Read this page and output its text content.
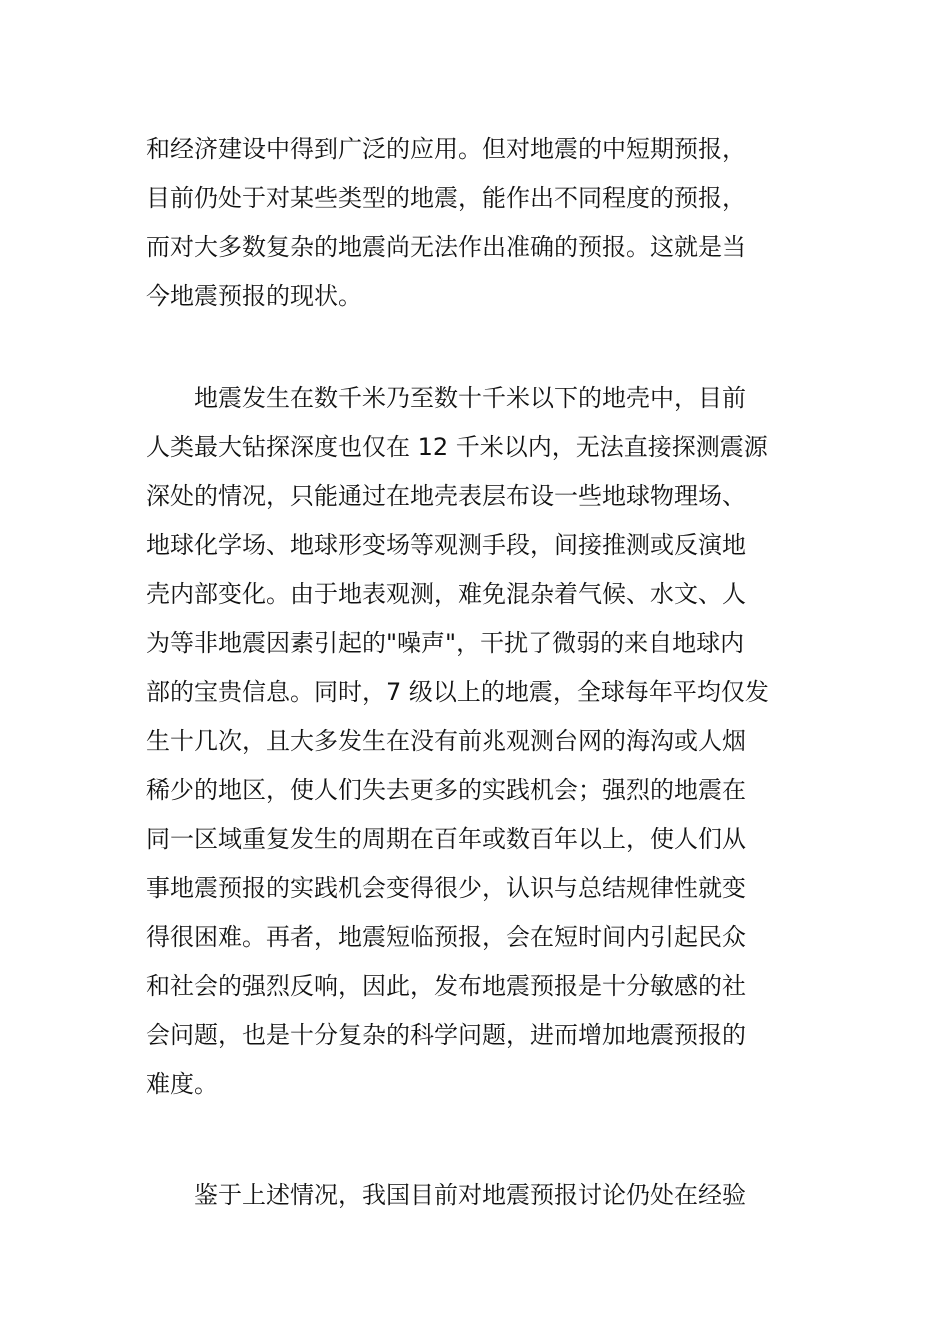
和经济建设中得到广泛的应用。但对地震的中短期预报，
目前仍处于对某些类型的地震，能作出不同程度的预报，
而对大多数复杂的地震尚无法作出准确的预报。这就是当
今地震预报的现状。
地震发生在数千米乃至数十千米以下的地壳中，目前
人类最大钻探深度也仅在 12 千米以内，无法直接探测震源
深处的情况，只能通过在地壳表层布设一些地球物理场、
地球化学场、地球形变场等观测手段，间接推测或反演地
壳内部变化。由于地表观测，难免混杂着气候、水文、人
为等非地震因素引起的"噪声"，干扰了微弱的来自地球内
部的宝贵信息。同时，7 级以上的地震，全球每年平均仅发
生十几次，且大多发生在没有前兆观测台网的海沟或人烟
稀少的地区，使人们失去更多的实践机会；强烈的地震在
同一区域重复发生的周期在百年或数百年以上，使人们从
事地震预报的实践机会变得很少，认识与总结规律性就变
得很困难。再者，地震短临预报，会在短时间内引起民众
和社会的强烈反响，因此，发布地震预报是十分敏感的社
会问题，也是十分复杂的科学问题，进而增加地震预报的
难度。
鉴于上述情况，我国目前对地震预报讨论仍处在经验
